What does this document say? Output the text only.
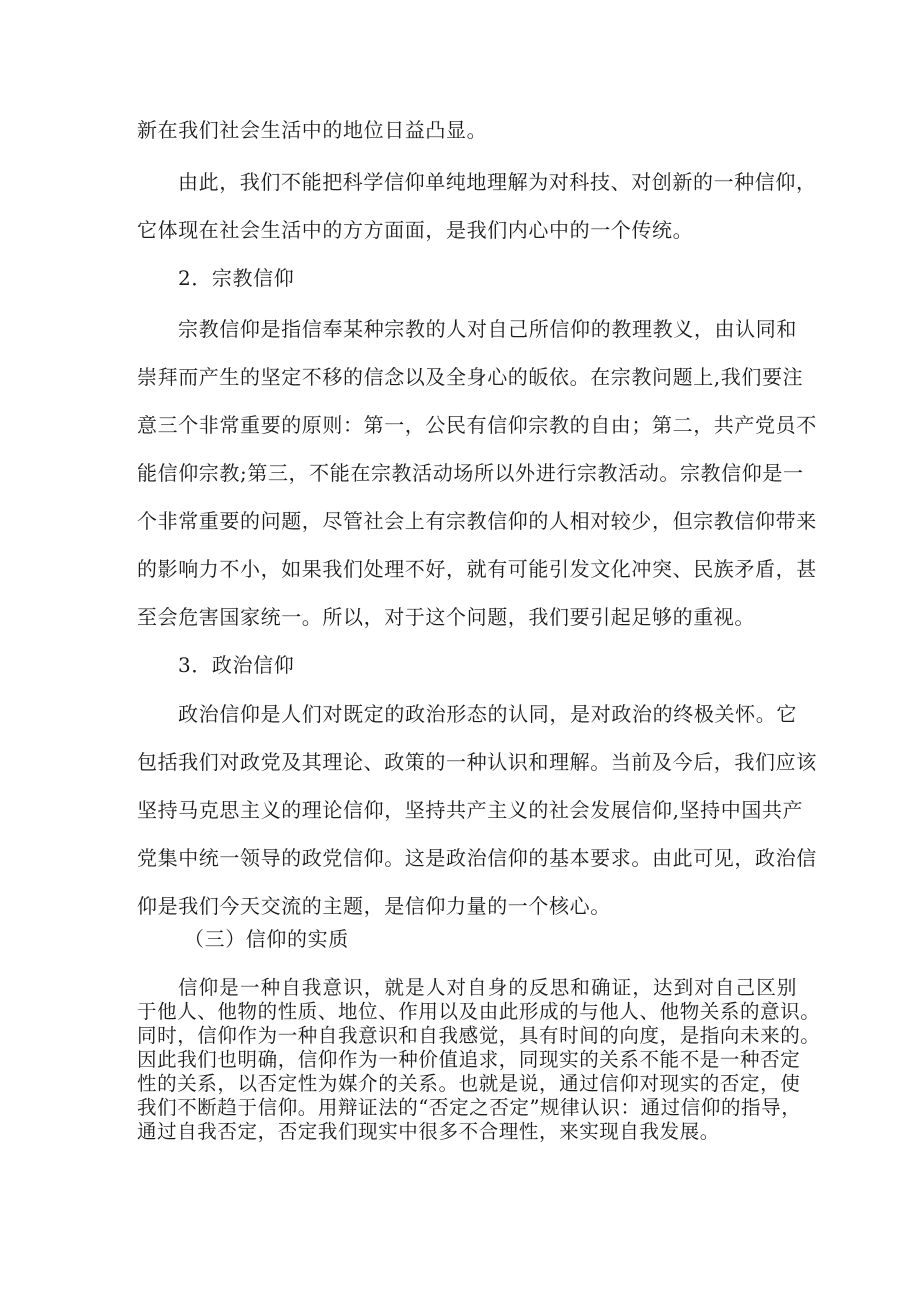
新在我们社会生活中的地位日益凸显。
由此，我们不能把科学信仰单纯地理解为对科技、对创新的一种信仰，
它体现在社会生活中的方方面面，是我们内心中的一个传统。
2．宗教信仰
宗教信仰是指信奉某种宗教的人对自己所信仰的教理教义，由认同和
崇拜而产生的坚定不移的信念以及全身心的皈依。在宗教问题上,我们要注
意三个非常重要的原则：第一，公民有信仰宗教的自由；第二，共产党员不
能信仰宗教;第三，不能在宗教活动场所以外进行宗教活动。宗教信仰是一
个非常重要的问题，尽管社会上有宗教信仰的人相对较少，但宗教信仰带来
的影响力不小，如果我们处理不好，就有可能引发文化冲突、民族矛盾，甚
至会危害国家统一。所以，对于这个问题，我们要引起足够的重视。
3．政治信仰
政治信仰是人们对既定的政治形态的认同，是对政治的终极关怀。它
包括我们对政党及其理论、政策的一种认识和理解。当前及今后，我们应该
坚持马克思主义的理论信仰，坚持共产主义的社会发展信仰,坚持中国共产
党集中统一领导的政党信仰。这是政治信仰的基本要求。由此可见，政治信
仰是我们今天交流的主题，是信仰力量的一个核心。
（三）信仰的实质
信仰是一种自我意识，就是人对自身的反思和确证，达到对自己区别
于他人、他物的性质、地位、作用以及由此形成的与他人、他物关系的意识。
同时，信仰作为一种自我意识和自我感觉，具有时间的向度，是指向未来的。
因此我们也明确，信仰作为一种价值追求，同现实的关系不能不是一种否定
性的关系，以否定性为媒介的关系。也就是说，通过信仰对现实的否定，使
我们不断趋于信仰。用辩证法的“否定之否定”规律认识：通过信仰的指导，
通过自我否定，否定我们现实中很多不合理性，来实现自我发展。
